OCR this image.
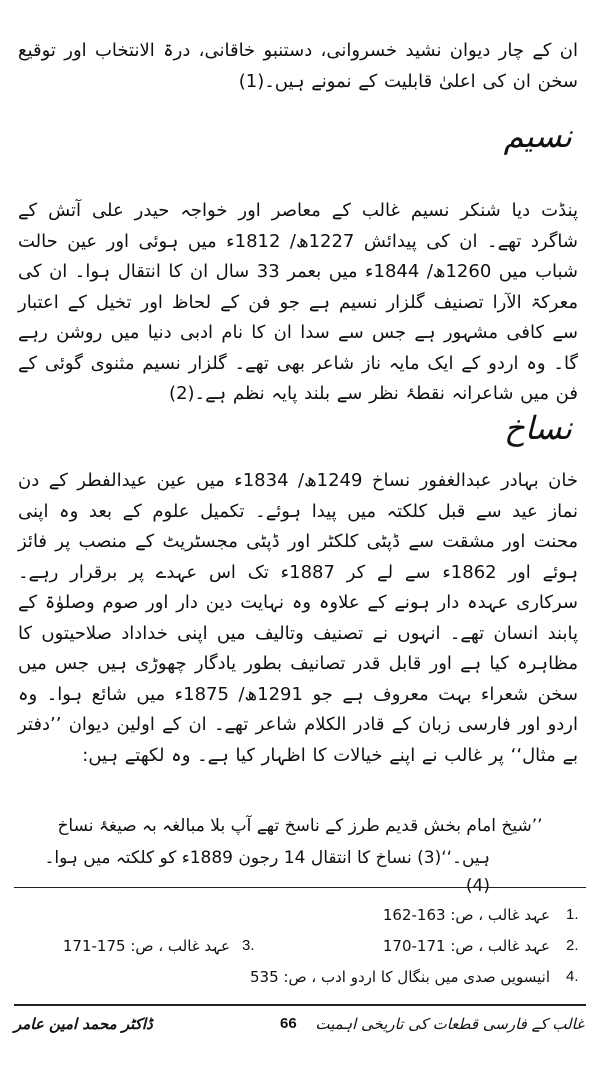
ان کے چار دیوان نشید خسروانی، دستنبو خاقانی، درۃ الانتخاب اور توقیع سخن ان کی اعلیٰ قابلیت کے نمونے ہیں۔(1)
نسیم
پنڈت دیا شنکر نسیم غالب کے معاصر اور خواجہ حیدر علی آتش کے شاگرد تھے۔ ان کی پیدائش 1227ھ/ 1812ء میں ہوئی اور عین حالت شباب میں 1260ھ/ 1844ء میں بعمر 33 سال ان کا انتقال ہوا۔ ان کی معرکۃ الآرا تصنیف گلزار نسیم ہے جو فن کے لحاظ اور تخیل کے اعتبار سے کافی مشہور ہے جس سے سدا ان کا نام ادبی دنیا میں روشن رہے گا۔ وہ اردو کے ایک مایہ ناز شاعر بھی تھے۔ گلزار نسیم مثنوی گوئی کے فن میں شاعرانہ نقطۂ نظر سے بلند پایہ نظم ہے۔(2)
نساخ
خان بہادر عبدالغفور نساخ 1249ھ/ 1834ء میں عین عیدالفطر کے دن نماز عید سے قبل کلکتہ میں پیدا ہوئے۔ تکمیل علوم کے بعد وہ اپنی محنت اور مشقت سے ڈپٹی کلکٹر اور ڈپٹی مجسٹریٹ کے منصب پر فائز ہوئے اور 1862ء سے لے کر 1887ء تک اس عہدے پر برقرار رہے۔ سرکاری عہدہ دار ہونے کے علاوہ وہ نہایت دین دار اور صوم وصلوٰۃ کے پابند انسان تھے۔ انہوں نے تصنیف وتالیف میں اپنی خداداد صلاحیتوں کا مظاہرہ کیا ہے اور قابل قدر تصانیف بطور یادگار چھوڑی ہیں جس میں سخن شعراء بہت معروف ہے جو 1291ھ/ 1875ء میں شائع ہوا۔ وہ اردو اور فارسی زبان کے قادر الکلام شاعر تھے۔ ان کے اولین دیوان ’’دفتر بے مثال‘‘ پر غالب نے اپنے خیالات کا اظہار کیا ہے۔ وہ لکھتے ہیں:
’’شیخ امام بخش قدیم طرز کے ناسخ تھے آپ بلا مبالغہ بہ صیغۂ نساخ
ہیں۔‘‘(3) نساخ کا انتقال 14 رجون 1889ء کو کلکتہ میں ہوا۔(4)
1.
عہد غالب ، ص: 163-162
2.
عہد غالب ، ص: 171-170
3.
عہد غالب ، ص: 175-171
4.
انیسویں صدی میں بنگال کا اردو ادب ، ص: 535
غالب کے فارسی قطعات کی تاریخی اہمیت
66
ڈاکٹر محمد امین عامر
